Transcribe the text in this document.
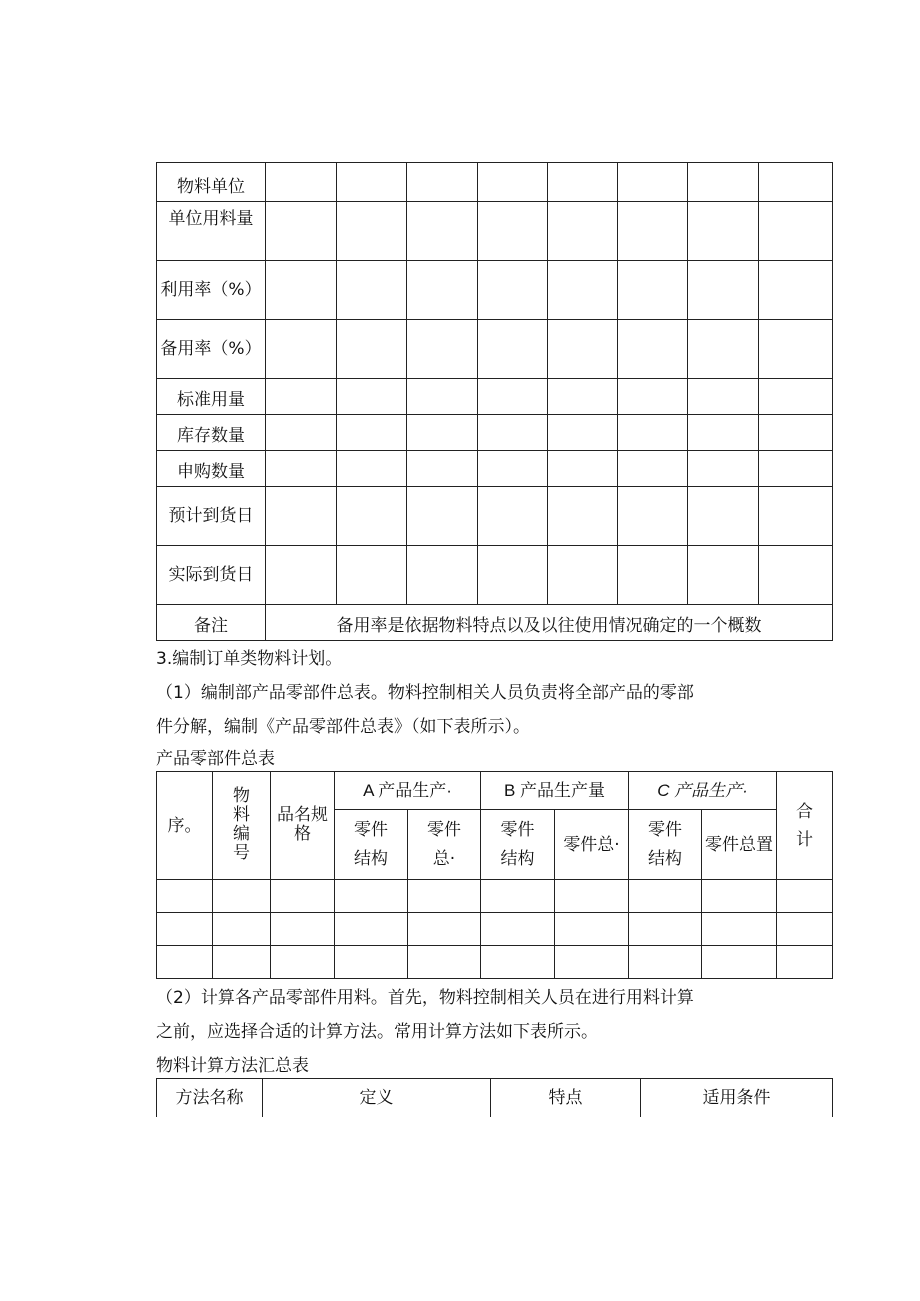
物料单位								
单位用料量								
利用率（%）								
备用率（%）								
标准用量								
库存数量								
申购数量								
预计到货日								
实际到货日								
备注	备用率是依据物料特点以及以往使用情况确定的一个概数							

3.编制订单类物料计划。

（1）编制部产品零部件总表。物料控制相关人员负责将全部产品的零部

件分解，编制《产品零部件总表》（如下表所示）。

产品零部件总表

序。	物料编号	品名规格	A 产品生产·		B 产品生产量		C 产品生产·		合计
			零件结构	零件总·	零件结构	零件总·	零件结构	零件总置	

（2）计算各产品零部件用料。首先，物料控制相关人员在进行用料计算

之前，应选择合适的计算方法。常用计算方法如下表所示。

物料计算方法汇总表

方法名称	定义	特点	适用条件
